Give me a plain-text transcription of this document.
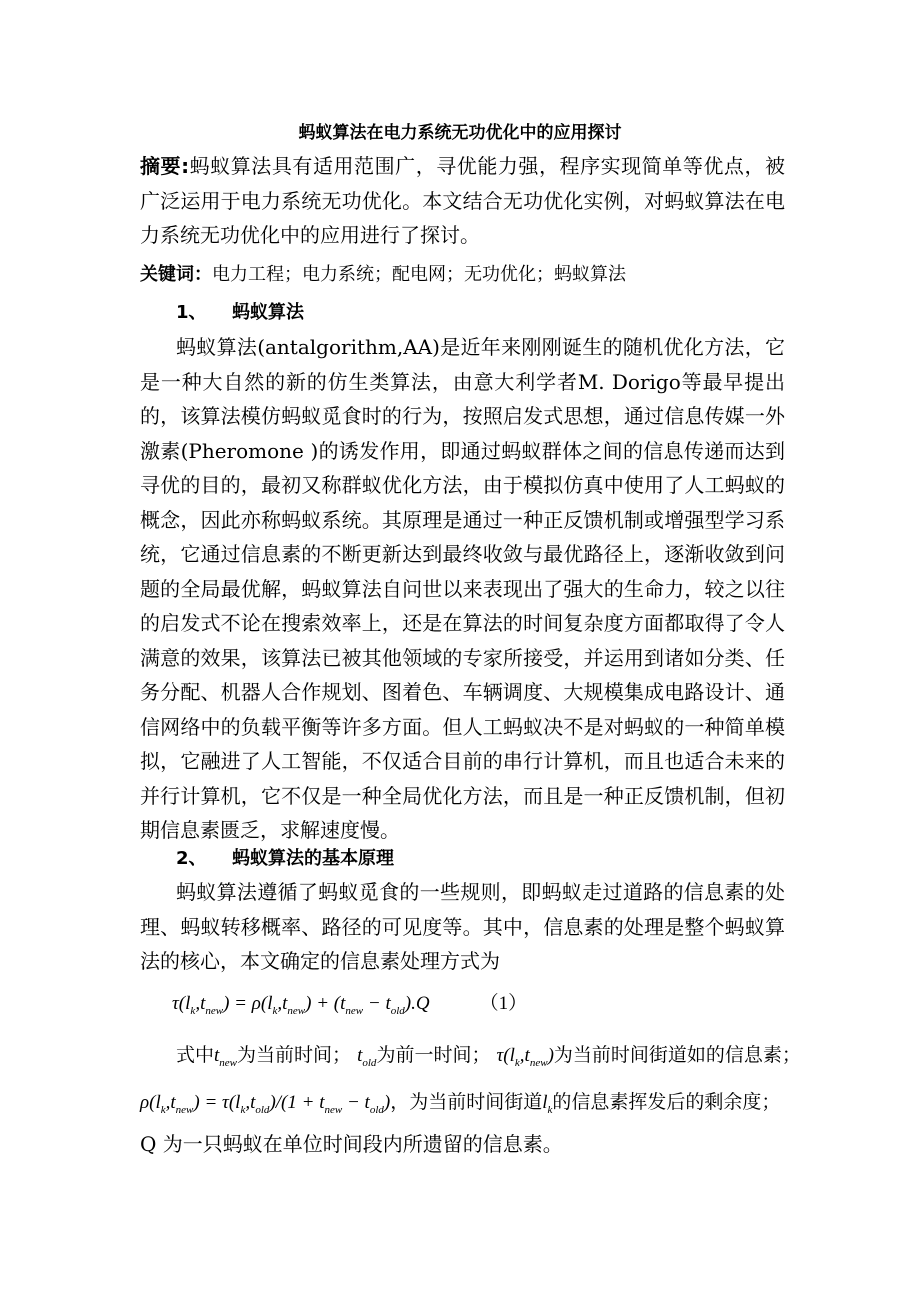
蚂蚁算法在电力系统无功优化中的应用探讨

摘要:蚂蚁算法具有适用范围广，寻优能力强，程序实现简单等优点，被广泛运用于电力系统无功优化。本文结合无功优化实例，对蚂蚁算法在电力系统无功优化中的应用进行了探讨。

关键词：电力工程；电力系统；配电网；无功优化；蚂蚁算法
1、 蚂蚁算法

蚂蚁算法(antalgorithm,AA)是近年来刚刚诞生的随机优化方法，它是一种大自然的新的仿生类算法，由意大利学者M. Dorigo等最早提出的，该算法模仿蚂蚁觅食时的行为，按照启发式思想，通过信息传媒一外激素(Pheromone )的诱发作用，即通过蚂蚁群体之间的信息传递而达到寻优的目的，最初又称群蚁优化方法，由于模拟仿真中使用了人工蚂蚁的概念，因此亦称蚂蚁系统。其原理是通过一种正反馈机制或增强型学习系统，它通过信息素的不断更新达到最终收敛与最优路径上，逐渐收敛到问题的全局最优解，蚂蚁算法自问世以来表现出了强大的生命力，较之以往的启发式不论在搜索效率上，还是在算法的时间复杂度方面都取得了令人满意的效果，该算法已被其他领域的专家所接受，并运用到诸如分类、任务分配、机器人合作规划、图着色、车辆调度、大规模集成电路设计、通信网络中的负载平衡等许多方面。但人工蚂蚁决不是对蚂蚁的一种简单模拟，它融进了人工智能，不仅适合目前的串行计算机，而且也适合未来的并行计算机，它不仅是一种全局优化方法，而且是一种正反馈机制，但初期信息素匮乏，求解速度慢。

2、 蚂蚁算法的基本原理

蚂蚁算法遵循了蚂蚁觅食的一些规则，即蚂蚁走过道路的信息素的处理、蚂蚁转移概率、路径的可见度等。其中，信息素的处理是整个蚂蚁算法的核心，本文确定的信息素处理方式为

$\tau(l_k,t_{new}) = \rho(l_k,t_{new}) + (t_{new} - t_{old}).Q$	（1）
式中$t_{new}$为当前时间； $t_{old}$为前一时间； $\tau(l_k,t_{new})$为当前时间街道如的信息素；
$\rho(l_k,t_{new}) = \tau(l_k,t_{old})/(1 + t_{new} - t_{old})$，为当前时间街道$l_k$的信息素挥发后的剩余度；
Q 为一只蚂蚁在单位时间段内所遗留的信息素。
